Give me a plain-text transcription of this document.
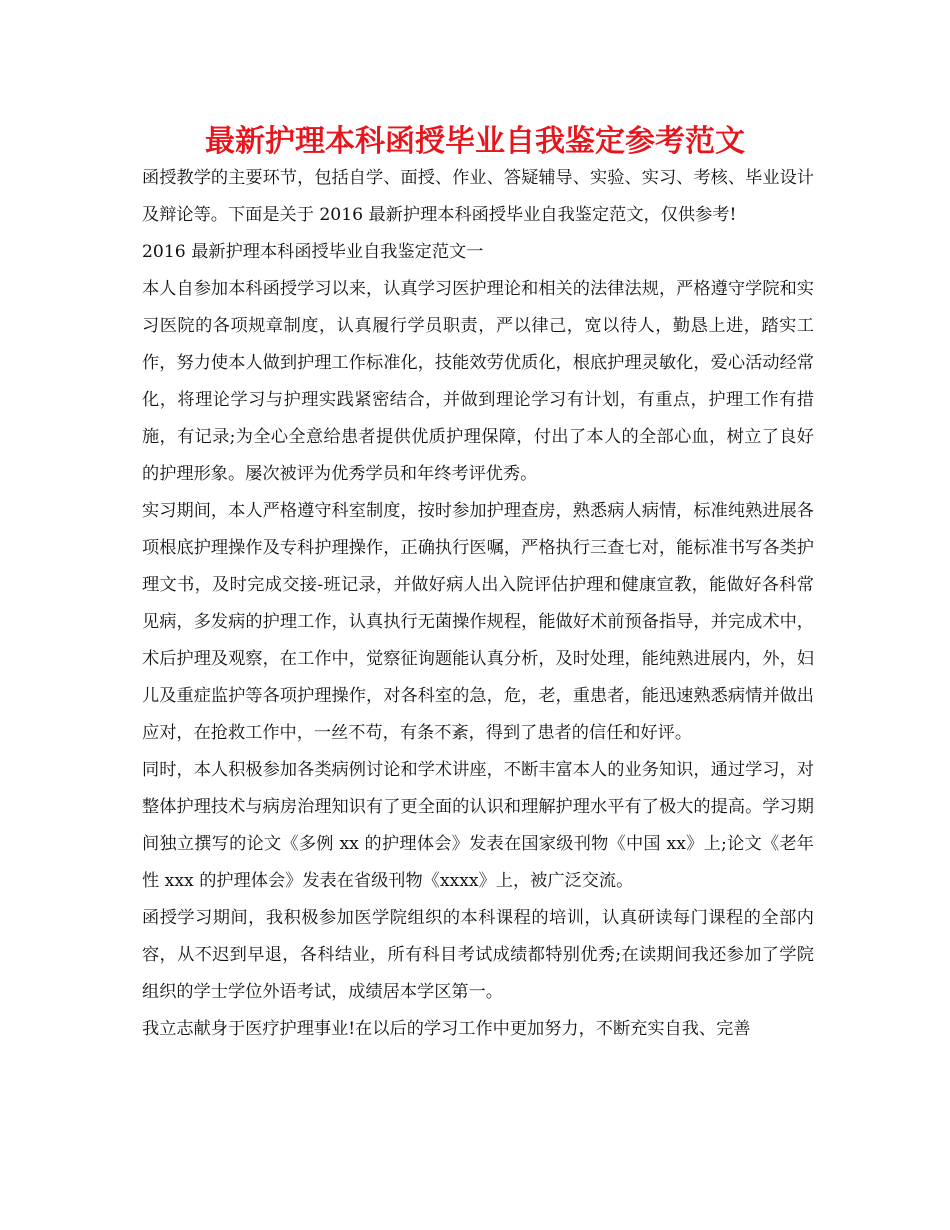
最新护理本科函授毕业自我鉴定参考范文

函授教学的主要环节，包括自学、面授、作业、答疑辅导、实验、实习、考核、毕业设计及辩论等。下面是关于 2016 最新护理本科函授毕业自我鉴定范文，仅供参考!

2016 最新护理本科函授毕业自我鉴定范文一

本人自参加本科函授学习以来，认真学习医护理论和相关的法律法规，严格遵守学院和实习医院的各项规章制度，认真履行学员职责，严以律己，宽以待人，勤恳上进，踏实工作，努力使本人做到护理工作标准化，技能效劳优质化，根底护理灵敏化，爱心活动经常化，将理论学习与护理实践紧密结合，并做到理论学习有计划，有重点，护理工作有措施，有记录;为全心全意给患者提供优质护理保障，付出了本人的全部心血，树立了良好的护理形象。屡次被评为优秀学员和年终考评优秀。

实习期间，本人严格遵守科室制度，按时参加护理查房，熟悉病人病情，标准纯熟进展各项根底护理操作及专科护理操作，正确执行医嘱，严格执行三查七对，能标准书写各类护理文书，及时完成交接-班记录，并做好病人出入院评估护理和健康宣教，能做好各科常见病，多发病的护理工作，认真执行无菌操作规程，能做好术前预备指导，并完成术中，术后护理及观察，在工作中，觉察征询题能认真分析，及时处理，能纯熟进展内，外，妇儿及重症监护等各项护理操作，对各科室的急，危，老，重患者，能迅速熟悉病情并做出应对，在抢救工作中，一丝不苟，有条不紊，得到了患者的信任和好评。

同时，本人积极参加各类病例讨论和学术讲座，不断丰富本人的业务知识，通过学习，对整体护理技术与病房治理知识有了更全面的认识和理解护理水平有了极大的提高。学习期间独立撰写的论文《多例 xx 的护理体会》发表在国家级刊物《中国 xx》上;论文《老年性 xxx 的护理体会》发表在省级刊物《xxxx》上，被广泛交流。

函授学习期间，我积极参加医学院组织的本科课程的培训，认真研读每门课程的全部内容，从不迟到早退，各科结业，所有科目考试成绩都特别优秀;在读期间我还参加了学院组织的学士学位外语考试，成绩居本学区第一。

我立志献身于医疗护理事业!在以后的学习工作中更加努力，不断充实自我、完善
